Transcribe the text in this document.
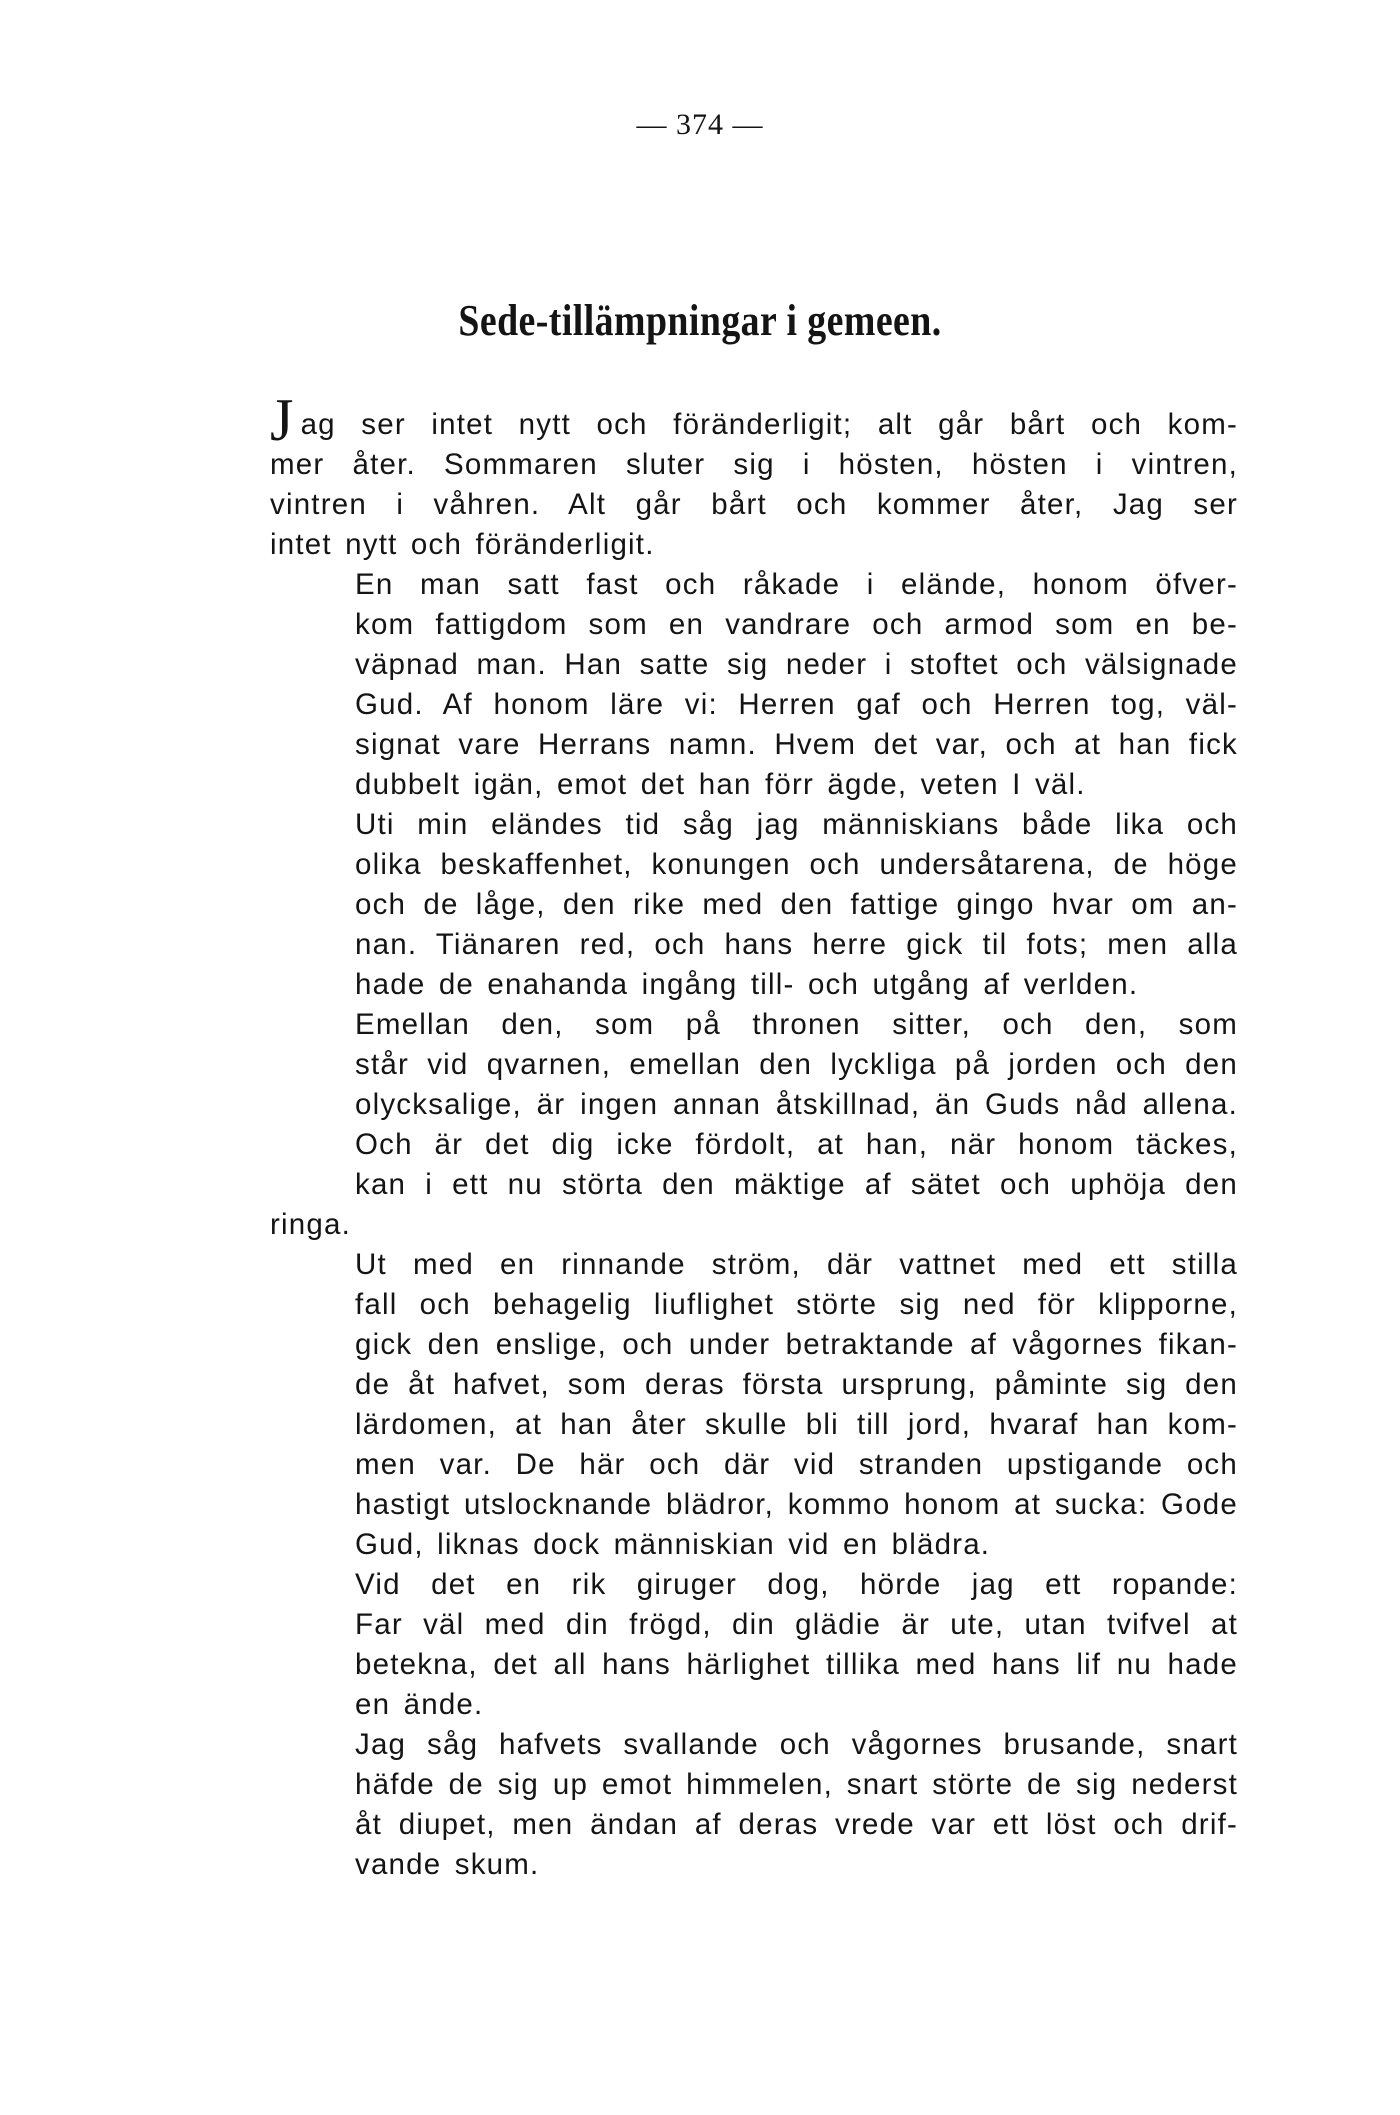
— 374 —
Sede-tillämpningar i gemeen.

Jag ser intet nytt och föränderligit; alt går bårt och kom-
mer åter. Sommaren sluter sig i hösten, hösten i vintren,
vintren i våhren. Alt går bårt och kommer åter, Jag ser
intet nytt och föränderligit.

En man satt fast och råkade i elände, honom öfver-
kom fattigdom som en vandrare och armod som en be-
väpnad man. Han satte sig neder i stoftet och välsignade
Gud. Af honom läre vi: Herren gaf och Herren tog, väl-
signat vare Herrans namn. Hvem det var, och at han fick
dubbelt igän, emot det han förr ägde, veten I väl.

Uti min eländes tid såg jag människians både lika och
olika beskaffenhet, konungen och undersåtarena, de höge
och de låge, den rike med den fattige gingo hvar om an-
nan. Tiänaren red, och hans herre gick til fots; men alla
hade de enahanda ingång till- och utgång af verlden.

Emellan den, som på thronen sitter, och den, som
står vid qvarnen, emellan den lyckliga på jorden och den
olycksalige, är ingen annan åtskillnad, än Guds nåd allena.
Och är det dig icke fördolt, at han, när honom täckes,
kan i ett nu störta den mäktige af sätet och uphöja den ringa.

Ut med en rinnande ström, där vattnet med ett stilla
fall och behagelig liuflighet störte sig ned för klipporne,
gick den enslige, och under betraktande af vågornes fikan-
de åt hafvet, som deras första ursprung, påminte sig den
lärdomen, at han åter skulle bli till jord, hvaraf han kom-
men var. De här och där vid stranden upstigande och
hastigt utslocknande blädror, kommo honom at sucka: Gode
Gud, liknas dock människian vid en blädra.

Vid det en rik giruger dog, hörde jag ett ropande:
Far väl med din frögd, din glädie är ute, utan tvifvel at
betekna, det all hans härlighet tillika med hans lif nu hade
en ände.

Jag såg hafvets svallande och vågornes brusande, snart
häfde de sig up emot himmelen, snart störte de sig nederst
åt diupet, men ändan af deras vrede var ett löst och drif-
vande skum.
